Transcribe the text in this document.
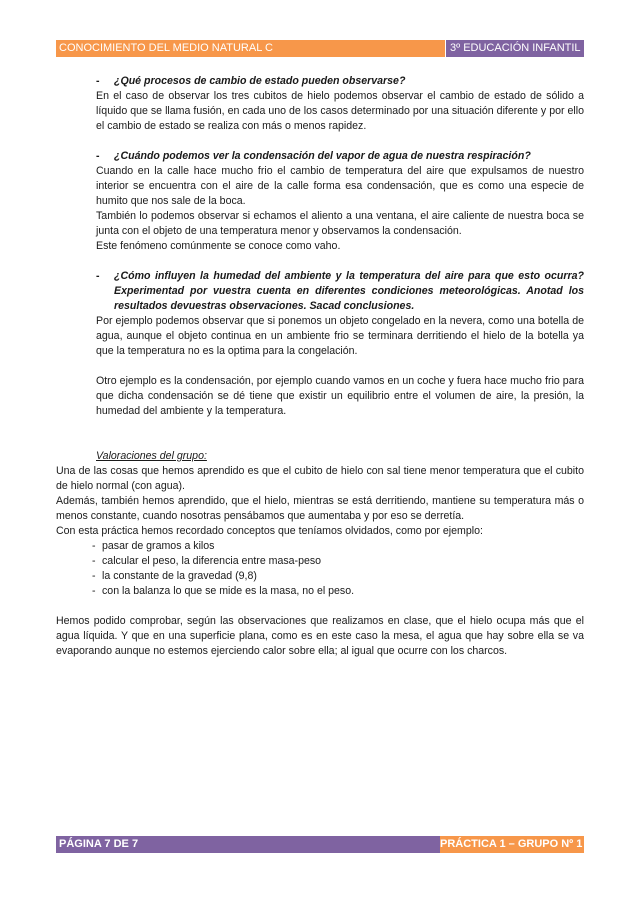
CONOCIMIENTO DEL MEDIO NATURAL C	3º EDUCACIÓN INFANTIL
- ¿Qué procesos de cambio de estado pueden observarse?

En el caso de observar los tres cubitos de hielo podemos observar el cambio de estado de sólido a líquido que se llama fusión, en cada uno de los casos determinado por una situación diferente y por ello el cambio de estado se realiza con más o menos rapidez.

- ¿Cuándo podemos ver la condensación del vapor de agua de nuestra respiración?

Cuando en la calle hace mucho frio el cambio de temperatura del aire que expulsamos de nuestro interior se encuentra con el aire de la calle forma esa condensación, que es como una especie de humito que nos sale de la boca.

También lo podemos observar si echamos el aliento a una ventana, el aire caliente de nuestra boca se junta con el objeto de una temperatura menor y observamos la condensación.

Este fenómeno comúnmente se conoce como vaho.

- ¿Cómo influyen la humedad del ambiente y la temperatura del aire para que esto ocurra? Experimentad por vuestra cuenta en diferentes condiciones meteorológicas. Anotad los resultados devuestras observaciones. Sacad conclusiones.

Por ejemplo podemos observar que si ponemos un objeto congelado en la nevera, como una botella de agua, aunque el objeto continua en un ambiente frio se terminara derritiendo el hielo de la botella ya que la temperatura no es la optima para la congelación.

Otro ejemplo es la condensación, por ejemplo cuando vamos en un coche y fuera hace mucho frio para que dicha condensación se dé tiene que existir un equilibrio entre el volumen de aire, la presión, la humedad del ambiente y la temperatura.

Valoraciones del grupo:

Una de las cosas que hemos aprendido es que el cubito de hielo con sal tiene menor temperatura que el cubito de hielo normal (con agua).

Además, también hemos aprendido, que el hielo, mientras se está derritiendo, mantiene su temperatura más o menos constante, cuando nosotras pensábamos que aumentaba y por eso se derretía.

Con esta práctica hemos recordado conceptos que teníamos olvidados, como por ejemplo:

- pasar de gramos a kilos
- calcular el peso, la diferencia entre masa-peso
- la constante de la gravedad (9,8)
- con la balanza lo que se mide es la masa, no el peso.

Hemos podido comprobar, según las observaciones que realizamos en clase, que el hielo ocupa más que el agua líquida. Y que en una superficie plana, como es en este caso la mesa, el agua que hay sobre ella se va evaporando aunque no estemos ejerciendo calor sobre ella; al igual que ocurre con los charcos.

PÁGINA 7 DE 7	PRÁCTICA 1 – GRUPO Nº 1
